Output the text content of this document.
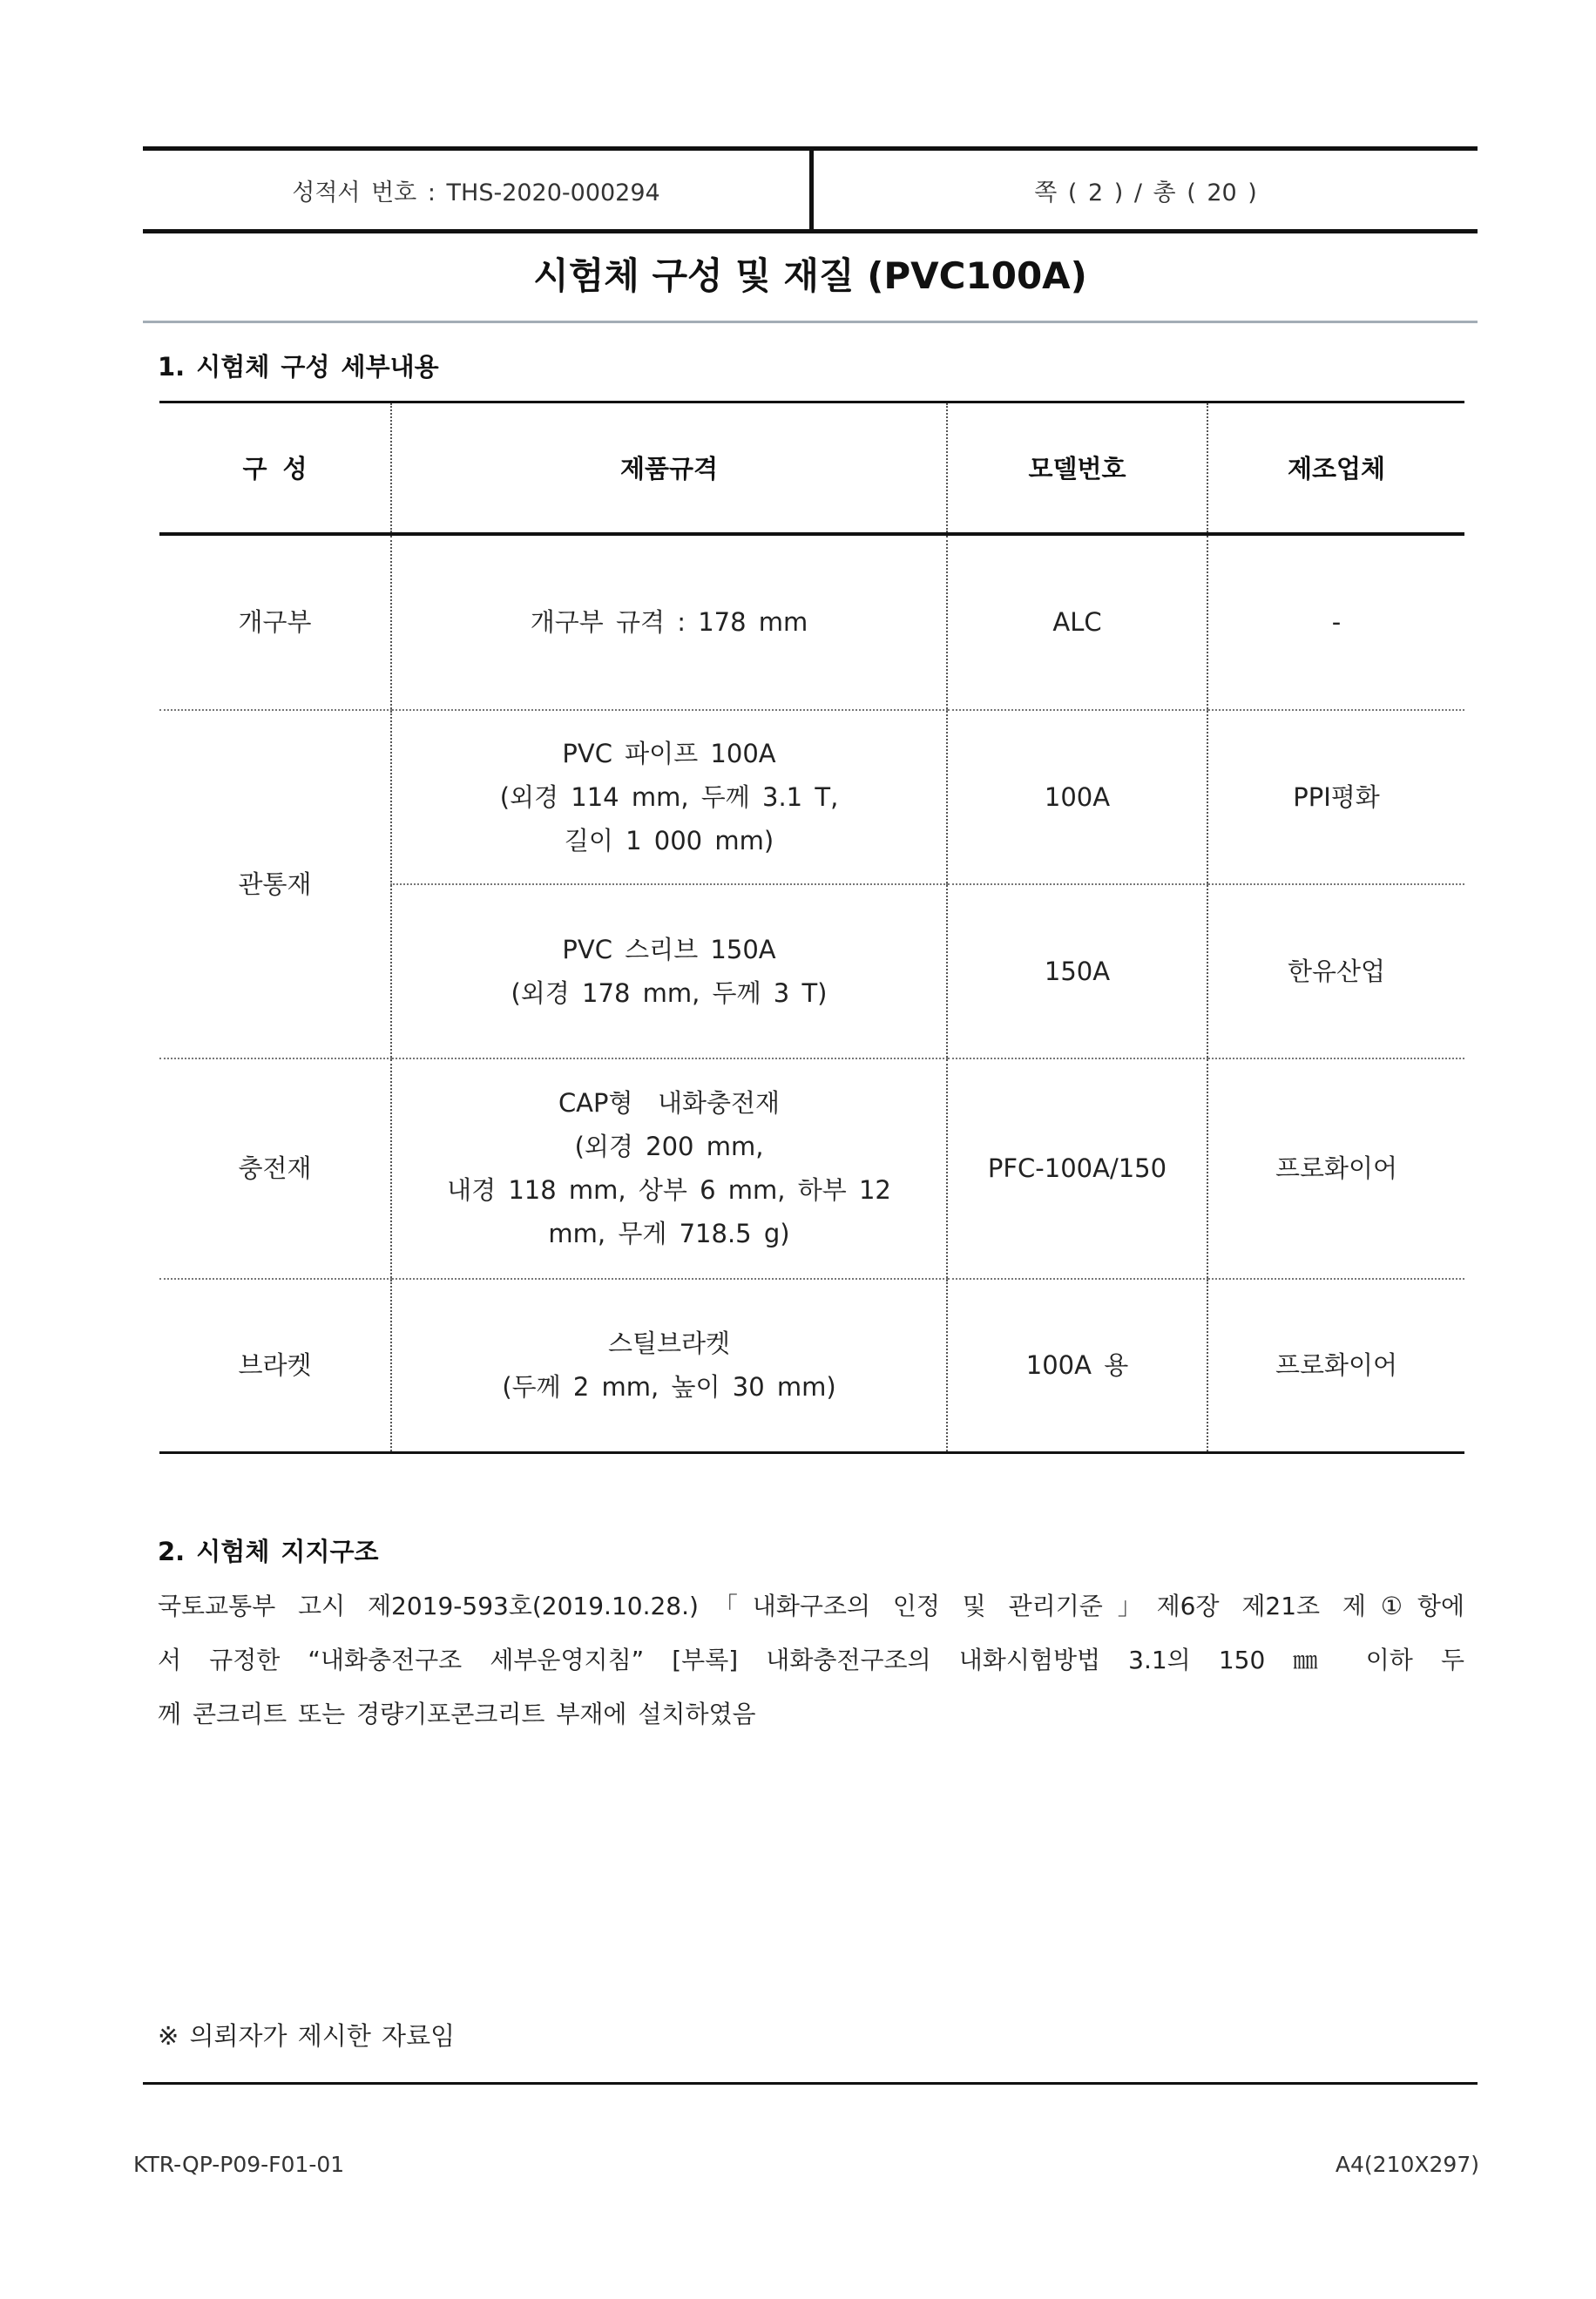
성적서 번호 : THS-2020-000294	쪽 ( 2 ) / 총 ( 20 )
시험체 구성 및 재질 (PVC100A)
1. 시험체 구성 세부내용
구 성	제품규격	모델번호	제조업체
개구부	개구부 규격 : 178 mm	ALC	-
관통재	PVC 파이프 100A
(외경 114 mm, 두께 3.1 T,
길이 1 000 mm)	100A	PPI평화

	PVC 스리브 150A
(외경 178 mm, 두께 3 T)	150A	한유산업
충전재	CAP형  내화충전재
(외경 200 mm,
내경 118 mm, 상부 6 mm, 하부 12
mm, 무게 718.5 g)	PFC-100A/150	프로화이어
브라켓	스틸브라켓
(두께 2 mm, 높이 30 mm)	100A 용	프로화이어
2. 시험체 지지구조
국토교통부 고시 제2019-593호(2019.10.28.)「내화구조의 인정 및 관리기준」제6장 제21조 제①항에
서 규정한 “내화충전구조 세부운영지침” [부록] 내화충전구조의 내화시험방법 3.1의 150 ㎜ 이하 두
께 콘크리트 또는 경량기포콘크리트 부재에 설치하였음
※ 의뢰자가 제시한 자료임
KTR-QP-P09-F01-01	A4(210X297)
